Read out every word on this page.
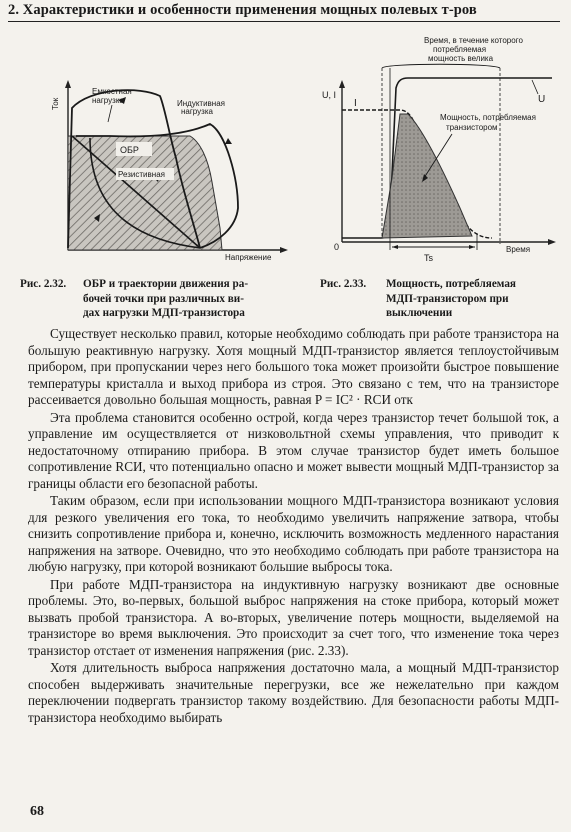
2. Характеристики и особенности применения мощных полевых т-ров
Ток
Емкостная
нагрузка	Индуктивная
нагрузка
ОБР
Резистивная
Напряжение
Рис. 2.32. ОБР и траектории движения ра-
бочей точки при различных ви-
дах нагрузки МДП-транзистора
Время, в течение которого
потребляемая
мощность велика
U, I
0
Ts
I	U
Мощность, потребляемая
транзистором
Время
Рис. 2.33. Мощность, потребляемая
МДП-транзистором при
выключении

Существует несколько правил, которые необходимо соблюдать при работе транзистора на большую реактивную нагрузку. Хотя мощный МДП-транзистор является теплоустойчивым прибором, при пропускании через него большого тока может произойти быстрое повышение температуры кристалла и выход прибора из строя. Это связано с тем, что на транзисторе рассеивается довольно большая мощность, равная P = IC² · RСИ отк

Эта проблема становится особенно острой, когда через транзистор течет большой ток, а управление им осуществляется от низковольтной схемы управления, что приводит к недостаточному отпиранию прибора. В этом случае транзистор будет иметь большое сопротивление RСИ, что потенциально опасно и может вывести мощный МДП-транзистор за границы области его безопасной работы.

Таким образом, если при использовании мощного МДП-транзистора возникают условия для резкого увеличения его тока, то необходимо увеличить напряжение затвора, чтобы снизить сопротивление прибора и, конечно, исключить возможность медленного нарастания напряжения на затворе. Очевидно, что это необходимо соблюдать при работе транзистора на любую нагрузку, при которой возникают большие выбросы тока.

При работе МДП-транзистора на индуктивную нагрузку возникают две основные проблемы. Это, во-первых, большой выброс напряжения на стоке прибора, который может вызвать пробой транзистора. А во-вторых, увеличение потерь мощности, выделяемой на транзисторе во время выключения. Это происходит за счет того, что изменение тока через транзистор отстает от изменения напряжения (рис. 2.33).

Хотя длительность выброса напряжения достаточно мала, а мощный МДП-транзистор способен выдерживать значительные перегрузки, все же нежелательно при каждом переключении подвергать транзистор такому воздействию. Для безопасности работы МДП-транзистора необходимо выбирать

68
